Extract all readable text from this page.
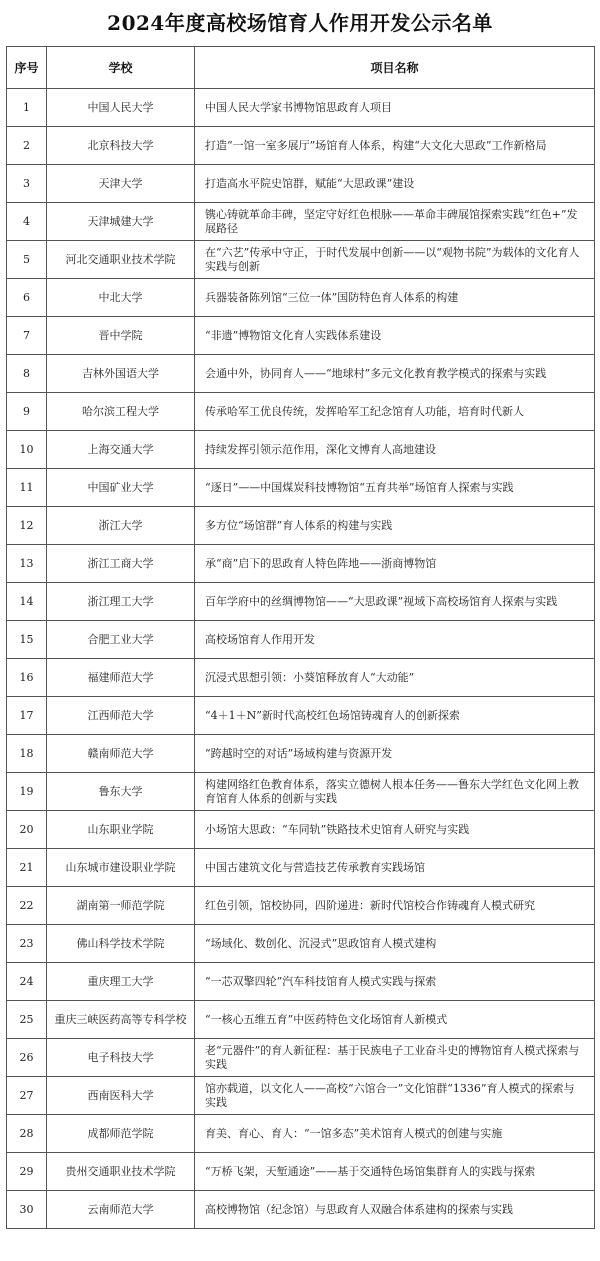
2024年度高校场馆育人作用开发公示名单
序号	学校	项目名称
1	中国人民大学	中国人民大学家书博物馆思政育人项目
2	北京科技大学	打造“一馆一室多展厅”场馆育人体系，构建“大文化大思政”工作新格局
3	天津大学	打造高水平院史馆群，赋能“大思政课”建设
4	天津城建大学	镌心铸就革命丰碑，坚定守好红色根脉——革命丰碑展馆探索实践“红色+”发展路径
5	河北交通职业技术学院	在“六艺”传承中守正，于时代发展中创新——以“观物书院”为载体的文化育人实践与创新
6	中北大学	兵器装备陈列馆“三位一体”国防特色育人体系的构建
7	晋中学院	“非遗”博物馆文化育人实践体系建设
8	吉林外国语大学	会通中外，协同育人——“地球村”多元文化教育教学模式的探索与实践
9	哈尔滨工程大学	传承哈军工优良传统，发挥哈军工纪念馆育人功能，培育时代新人
10	上海交通大学	持续发挥引领示范作用，深化文博育人高地建设
11	中国矿业大学	“逐日”——中国煤炭科技博物馆“五育共举”场馆育人探索与实践
12	浙江大学	多方位“场馆群”育人体系的构建与实践
13	浙江工商大学	承“商”启下的思政育人特色阵地——浙商博物馆
14	浙江理工大学	百年学府中的丝绸博物馆——“大思政课”视域下高校场馆育人探索与实践
15	合肥工业大学	高校场馆育人作用开发
16	福建师范大学	沉浸式思想引领：小葵馆释放育人“大动能”
17	江西师范大学	“4＋1＋N”新时代高校红色场馆铸魂育人的创新探索
18	赣南师范大学	“跨越时空的对话”场域构建与资源开发
19	鲁东大学	构建网络红色教育体系，落实立德树人根本任务——鲁东大学红色文化网上教育馆育人体系的创新与实践
20	山东职业学院	小场馆大思政：“车同轨”铁路技术史馆育人研究与实践
21	山东城市建设职业学院	中国古建筑文化与营造技艺传承教育实践场馆
22	湖南第一师范学院	红色引领，馆校协同，四阶递进：新时代馆校合作铸魂育人模式研究
23	佛山科学技术学院	“场域化、数创化、沉浸式”思政馆育人模式建构
24	重庆理工大学	“一芯双擎四轮”汽车科技馆育人模式实践与探索
25	重庆三峡医药高等专科学校	“一核心五维五育”中医药特色文化场馆育人新模式
26	电子科技大学	老“元器件”的育人新征程：基于民族电子工业奋斗史的博物馆育人模式探索与实践
27	西南医科大学	馆亦载道，以文化人——高校“六馆合一”文化馆群“1336”育人模式的探索与实践
28	成都师范学院	育美、育心、育人：“一馆多态”美术馆育人模式的创建与实施
29	贵州交通职业技术学院	“万桥飞架，天堑通途”——基于交通特色场馆集群育人的实践与探索
30	云南师范大学	高校博物馆（纪念馆）与思政育人双融合体系建构的探索与实践
